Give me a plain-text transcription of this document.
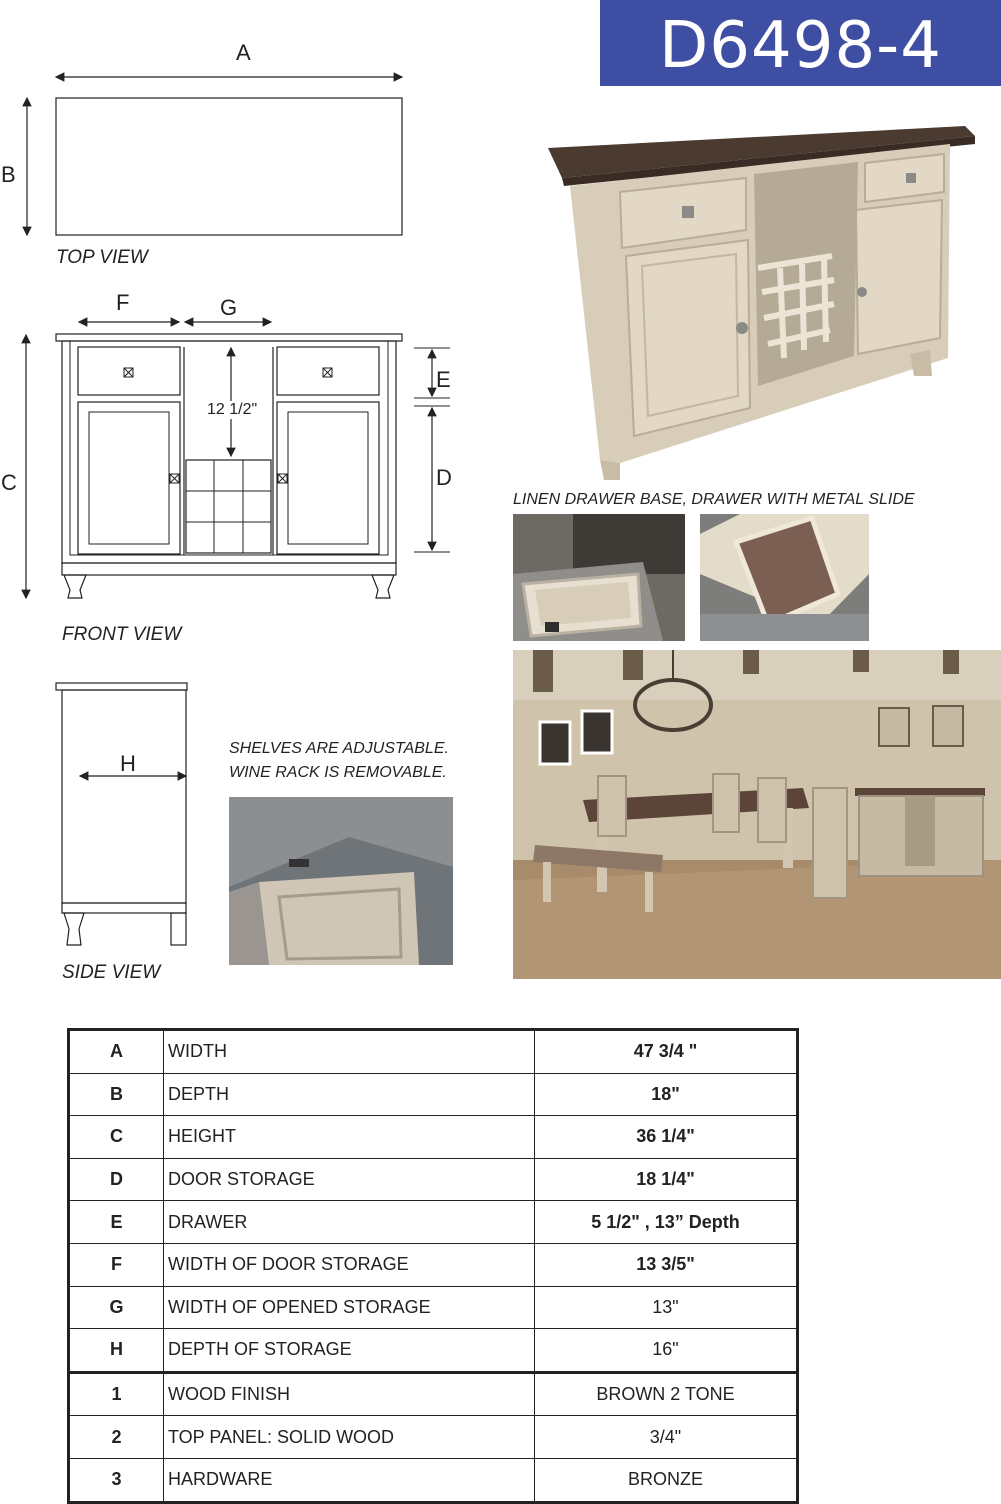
D6498-4
A
B
TOP VIEW
F	G
C
E
D
12 1/2"
FRONT VIEW
H
SIDE VIEW
SHELVES ARE ADJUSTABLE.
WINE RACK IS REMOVABLE.
LINEN DRAWER BASE, DRAWER WITH METAL SLIDE
A	WIDTH	47 3/4 "
B	DEPTH	18"
C	HEIGHT	36 1/4"
D	DOOR STORAGE	18 1/4"
E	DRAWER	5 1/2" , 13” Depth
F	WIDTH OF DOOR STORAGE	13 3/5"
G	WIDTH OF OPENED STORAGE	13"
H	DEPTH OF STORAGE	16"
1	WOOD FINISH	BROWN 2 TONE
2	TOP PANEL: SOLID WOOD	3/4"
3	HARDWARE	BRONZE
